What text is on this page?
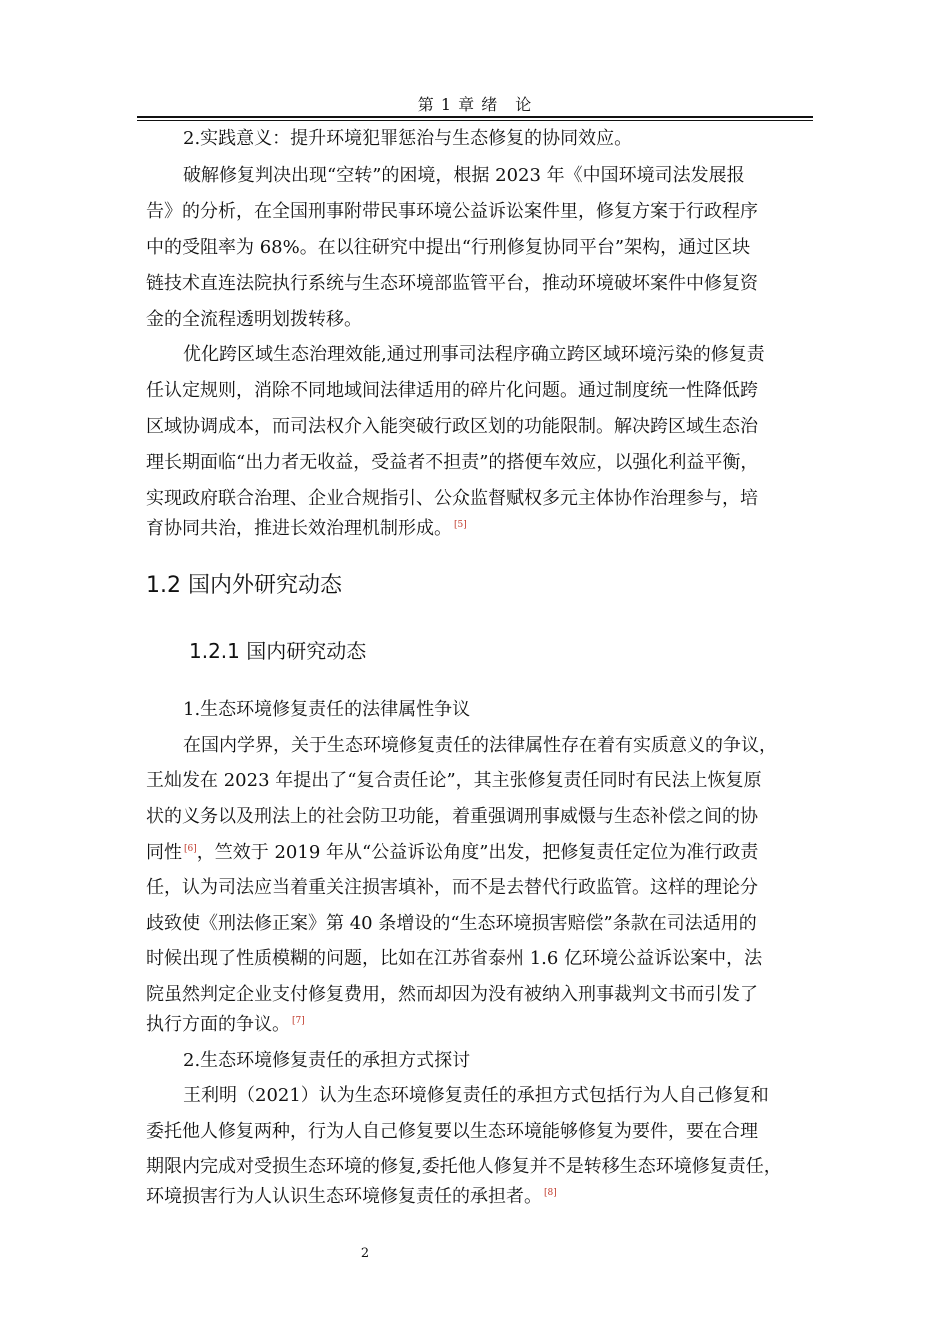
第 1 章 绪　论
2.实践意义：提升环境犯罪惩治与生态修复的协同效应。
破解修复判决出现“空转”的困境，根据 2023 年《中国环境司法发展报
告》的分析，在全国刑事附带民事环境公益诉讼案件里，修复方案于行政程序
中的受阻率为 68%。在以往研究中提出“行刑修复协同平台”架构，通过区块
链技术直连法院执行系统与生态环境部监管平台，推动环境破坏案件中修复资
金的全流程透明划拨转移。
优化跨区域生态治理效能,通过刑事司法程序确立跨区域环境污染的修复责
任认定规则，消除不同地域间法律适用的碎片化问题。通过制度统一性降低跨
区域协调成本，而司法权介入能突破行政区划的功能限制。解决跨区域生态治
理长期面临“出力者无收益，受益者不担责”的搭便车效应，以强化利益平衡，
实现政府联合治理、企业合规指引、公众监督赋权多元主体协作治理参与，培
育协同共治，推进长效治理机制形成。 [5]
1.2 国内外研究动态
1.2.1 国内研究动态
1.生态环境修复责任的法律属性争议
在国内学界，关于生态环境修复责任的法律属性存在着有实质意义的争议，
王灿发在 2023 年提出了“复合责任论”，其主张修复责任同时有民法上恢复原
状的义务以及刑法上的社会防卫功能，着重强调刑事威慑与生态补偿之间的协
同性 [6]，竺效于 2019 年从“公益诉讼角度”出发，把修复责任定位为准行政责
任，认为司法应当着重关注损害填补，而不是去替代行政监管。这样的理论分
歧致使《刑法修正案》第 40 条增设的“生态环境损害赔偿”条款在司法适用的
时候出现了性质模糊的问题，比如在江苏省泰州 1.6 亿环境公益诉讼案中，法
院虽然判定企业支付修复费用，然而却因为没有被纳入刑事裁判文书而引发了
执行方面的争议。 [7]
2.生态环境修复责任的承担方式探讨
王利明（2021）认为生态环境修复责任的承担方式包括行为人自己修复和
委托他人修复两种，行为人自己修复要以生态环境能够修复为要件，要在合理
期限内完成对受损生态环境的修复,委托他人修复并不是转移生态环境修复责任，
环境损害行为人认识生态环境修复责任的承担者。 [8]
2
